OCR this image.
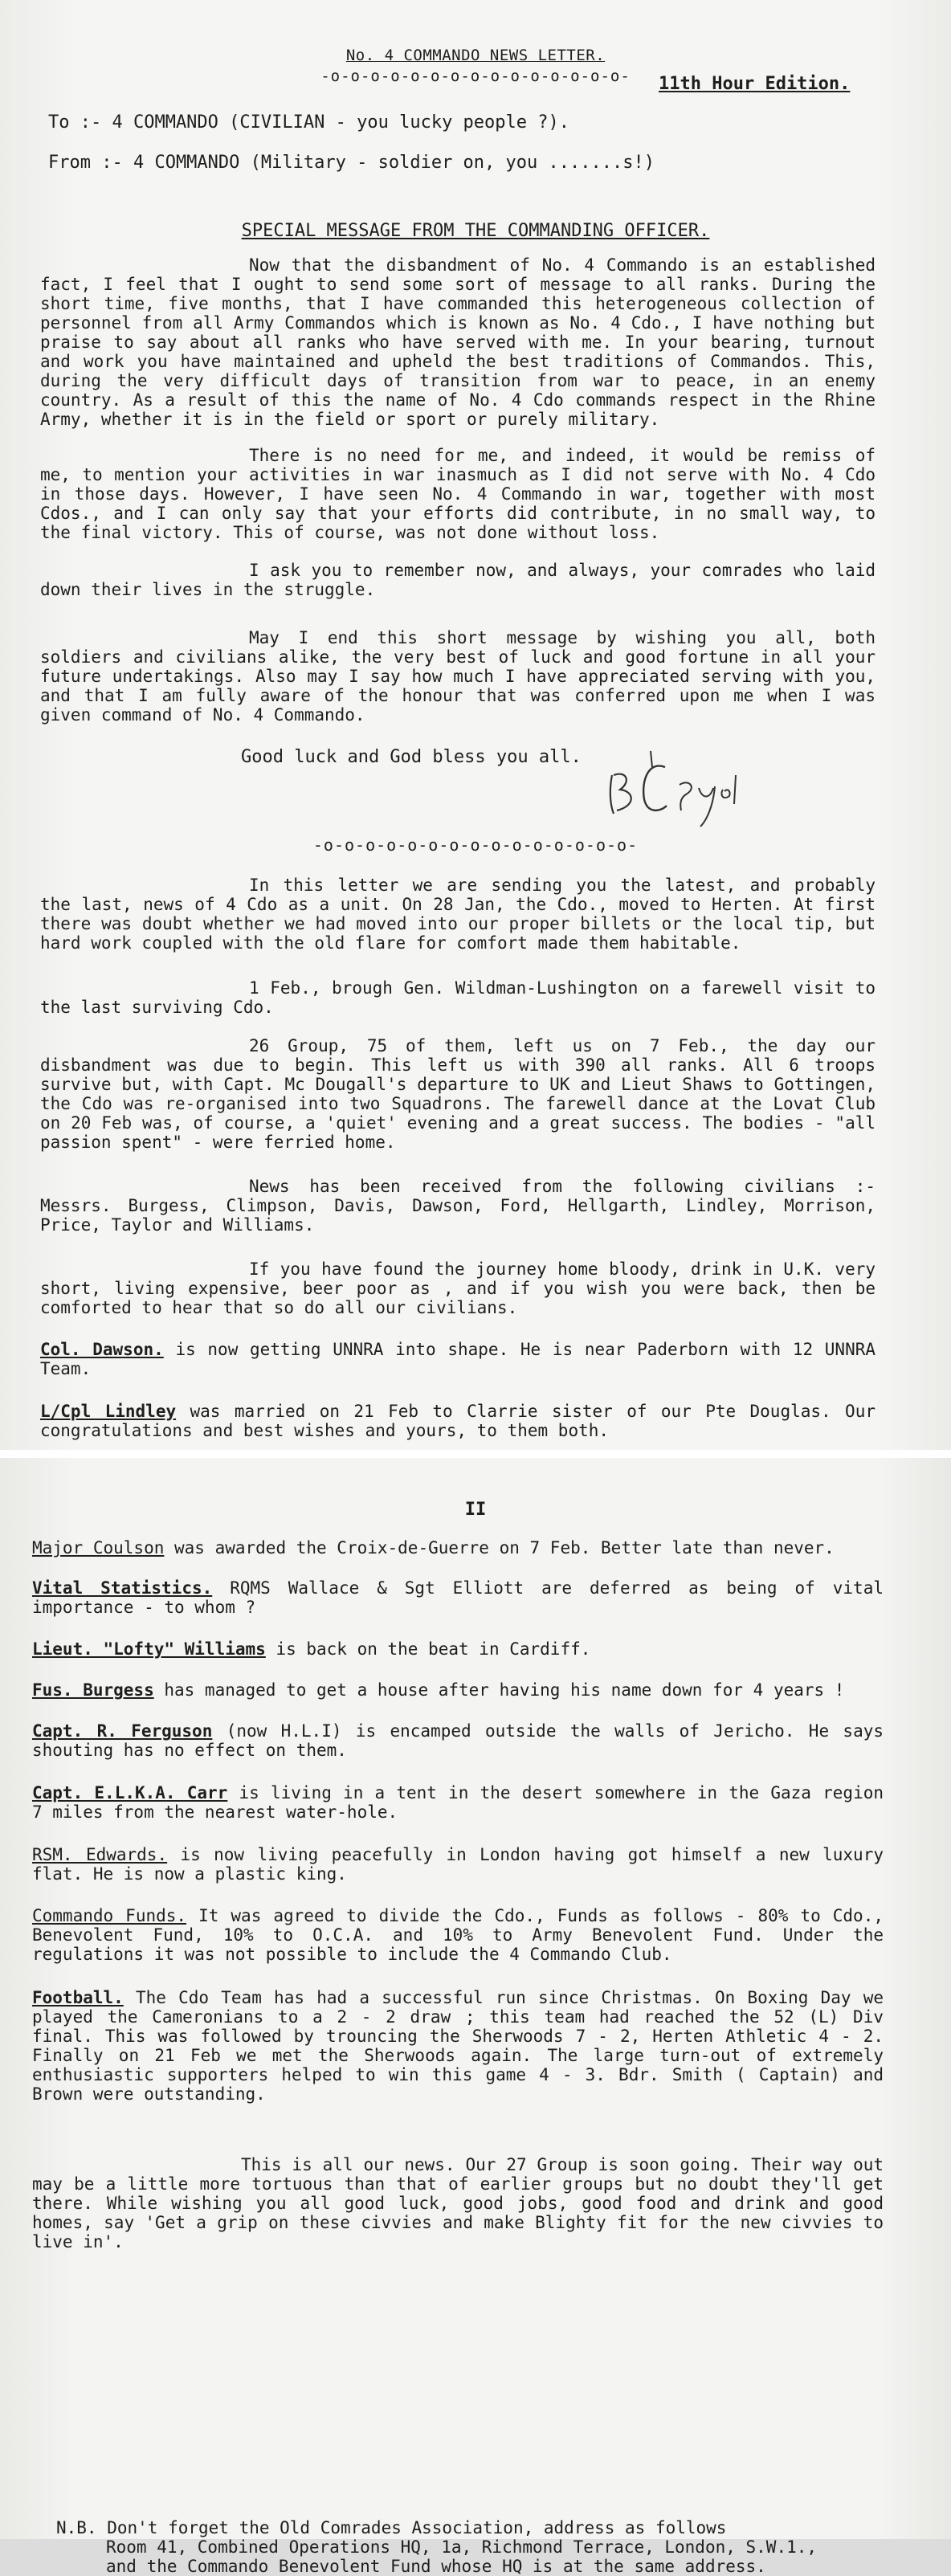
No. 4 COMMANDO NEWS LETTER.
-o-o-o-o-o-o-o-o-o-o-o-o-o-o-o-	11th Hour Edition.
To :- 4 COMMANDO (CIVILIAN - you lucky people ?).
From :- 4 COMMANDO (Military - soldier on, you .......s!)
SPECIAL MESSAGE FROM THE COMMANDING OFFICER.
Now that the disbandment of No. 4 Commando is an established fact, I feel that I ought to send some sort of message to all ranks. During the short time, five months, that I have commanded this heterogeneous collection of personnel from all Army Commandos which is known as No. 4 Cdo., I have nothing but praise to say about all ranks who have served with me. In your bearing, turnout and work you have maintained and upheld the best traditions of Commandos. This, during the very difficult days of transition from war to peace, in an enemy country. As a result of this the name of No. 4 Cdo commands respect in the Rhine Army, whether it is in the field or sport or purely military.
There is no need for me, and indeed, it would be remiss of me, to mention your activities in war inasmuch as I did not serve with No. 4 Cdo in those days. However, I have seen No. 4 Commando in war, together with most Cdos., and I can only say that your efforts did contribute, in no small way, to the final victory. This of course, was not done without loss.
I ask you to remember now, and always, your comrades who laid down their lives in the struggle.
May I end this short message by wishing you all, both soldiers and civilians alike, the very best of luck and good fortune in all your future undertakings. Also may I say how much I have appreciated serving with you, and that I am fully aware of the honour that was conferred upon me when I was given command of No. 4 Commando.
Good luck and God bless you all.
-o-o-o-o-o-o-o-o-o-o-o-o-o-o-o-
In this letter we are sending you the latest, and probably the last, news of 4 Cdo as a unit. On 28 Jan, the Cdo., moved to Herten. At first there was doubt whether we had moved into our proper billets or the local tip, but hard work coupled with the old flare for comfort made them habitable.
1 Feb., brough Gen. Wildman-Lushington on a farewell visit to the last surviving Cdo.
26 Group, 75 of them, left us on 7 Feb., the day our disbandment was due to begin. This left us with 390 all ranks. All 6 troops survive but, with Capt. Mc Dougall's departure to UK and Lieut Shaws to Gottingen, the Cdo was re-organised into two Squadrons. The farewell dance at the Lovat Club on 20 Feb was, of course, a 'quiet' evening and a great success. The bodies - "all passion spent" - were ferried home.
News has been received from the following civilians :- Messrs. Burgess, Climpson, Davis, Dawson, Ford, Hellgarth, Lindley, Morrison, Price, Taylor and Williams.
If you have found the journey home bloody, drink in U.K. very short, living expensive, beer poor as , and if you wish you were back, then be comforted to hear that so do all our civilians.
Col. Dawson. is now getting UNNRA into shape. He is near Paderborn with 12 UNNRA Team.
L/Cpl Lindley was married on 21 Feb to Clarrie sister of our Pte Douglas. Our congratulations and best wishes and yours, to them both.
II
Major Coulson was awarded the Croix-de-Guerre on 7 Feb. Better late than never.
Vital Statistics. RQMS Wallace & Sgt Elliott are deferred as being of vital importance - to whom ?
Lieut. "Lofty" Williams is back on the beat in Cardiff.
Fus. Burgess has managed to get a house after having his name down for 4 years !
Capt. R. Ferguson (now H.L.I) is encamped outside the walls of Jericho. He says shouting has no effect on them.
Capt. E.L.K.A. Carr is living in a tent in the desert somewhere in the Gaza region 7 miles from the nearest water-hole.
RSM. Edwards. is now living peacefully in London having got himself a new luxury flat. He is now a plastic king.
Commando Funds. It was agreed to divide the Cdo., Funds as follows - 80% to Cdo., Benevolent Fund, 10% to O.C.A. and 10% to Army Benevolent Fund. Under the regulations it was not possible to include the 4 Commando Club.
Football. The Cdo Team has had a successful run since Christmas. On Boxing Day we played the Cameronians to a 2 - 2 draw ; this team had reached the 52 (L) Div final. This was followed by trouncing the Sherwoods 7 - 2, Herten Athletic 4 - 2. Finally on 21 Feb we met the Sherwoods again. The large turn-out of extremely enthusiastic supporters helped to win this game 4 - 3. Bdr. Smith ( Captain) and Brown were outstanding.
This is all our news. Our 27 Group is soon going. Their way out may be a little more tortuous than that of earlier groups but no doubt they'll get there. While wishing you all good luck, good jobs, good food and drink and good homes, say 'Get a grip on these civvies and make Blighty fit for the new civvies to live in'.
N.B. Don't forget the Old Comrades Association, address as follows
Room 41, Combined Operations HQ, 1a, Richmond Terrace, London, S.W.1.,
and the Commando Benevolent Fund whose HQ is at the same address.
